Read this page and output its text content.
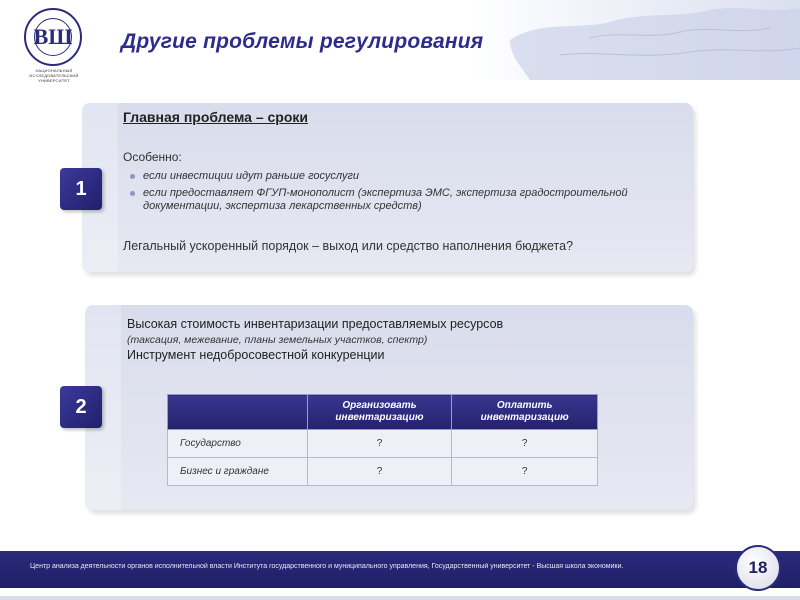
ВШ
НАЦИОНАЛЬНЫЙ ИССЛЕДОВАТЕЛЬСКИЙ УНИВЕРСИТЕТ
Другие проблемы регулирования
1
Главная проблема – сроки
Особенно:
если инвестиции идут раньше госуслуги
если предоставляет ФГУП-монополист (экспертиза ЭМС, экспертиза градостроительной документации, экспертиза лекарственных средств)
Легальный ускоренный порядок – выход или средство наполнения бюджета?
2
Высокая стоимость инвентаризации предоставляемых ресурсов
(таксация, межевание, планы земельных участков, спектр)
Инструмент недобросовестной конкуренции
	Организовать инвентаризацию	Оплатить инвентаризацию
Государство	?	?
Бизнес и граждане	?	?
Центр анализа деятельности органов исполнительной власти Института государственного и муниципального управления, Государственный университет - Высшая школа экономики.	18
